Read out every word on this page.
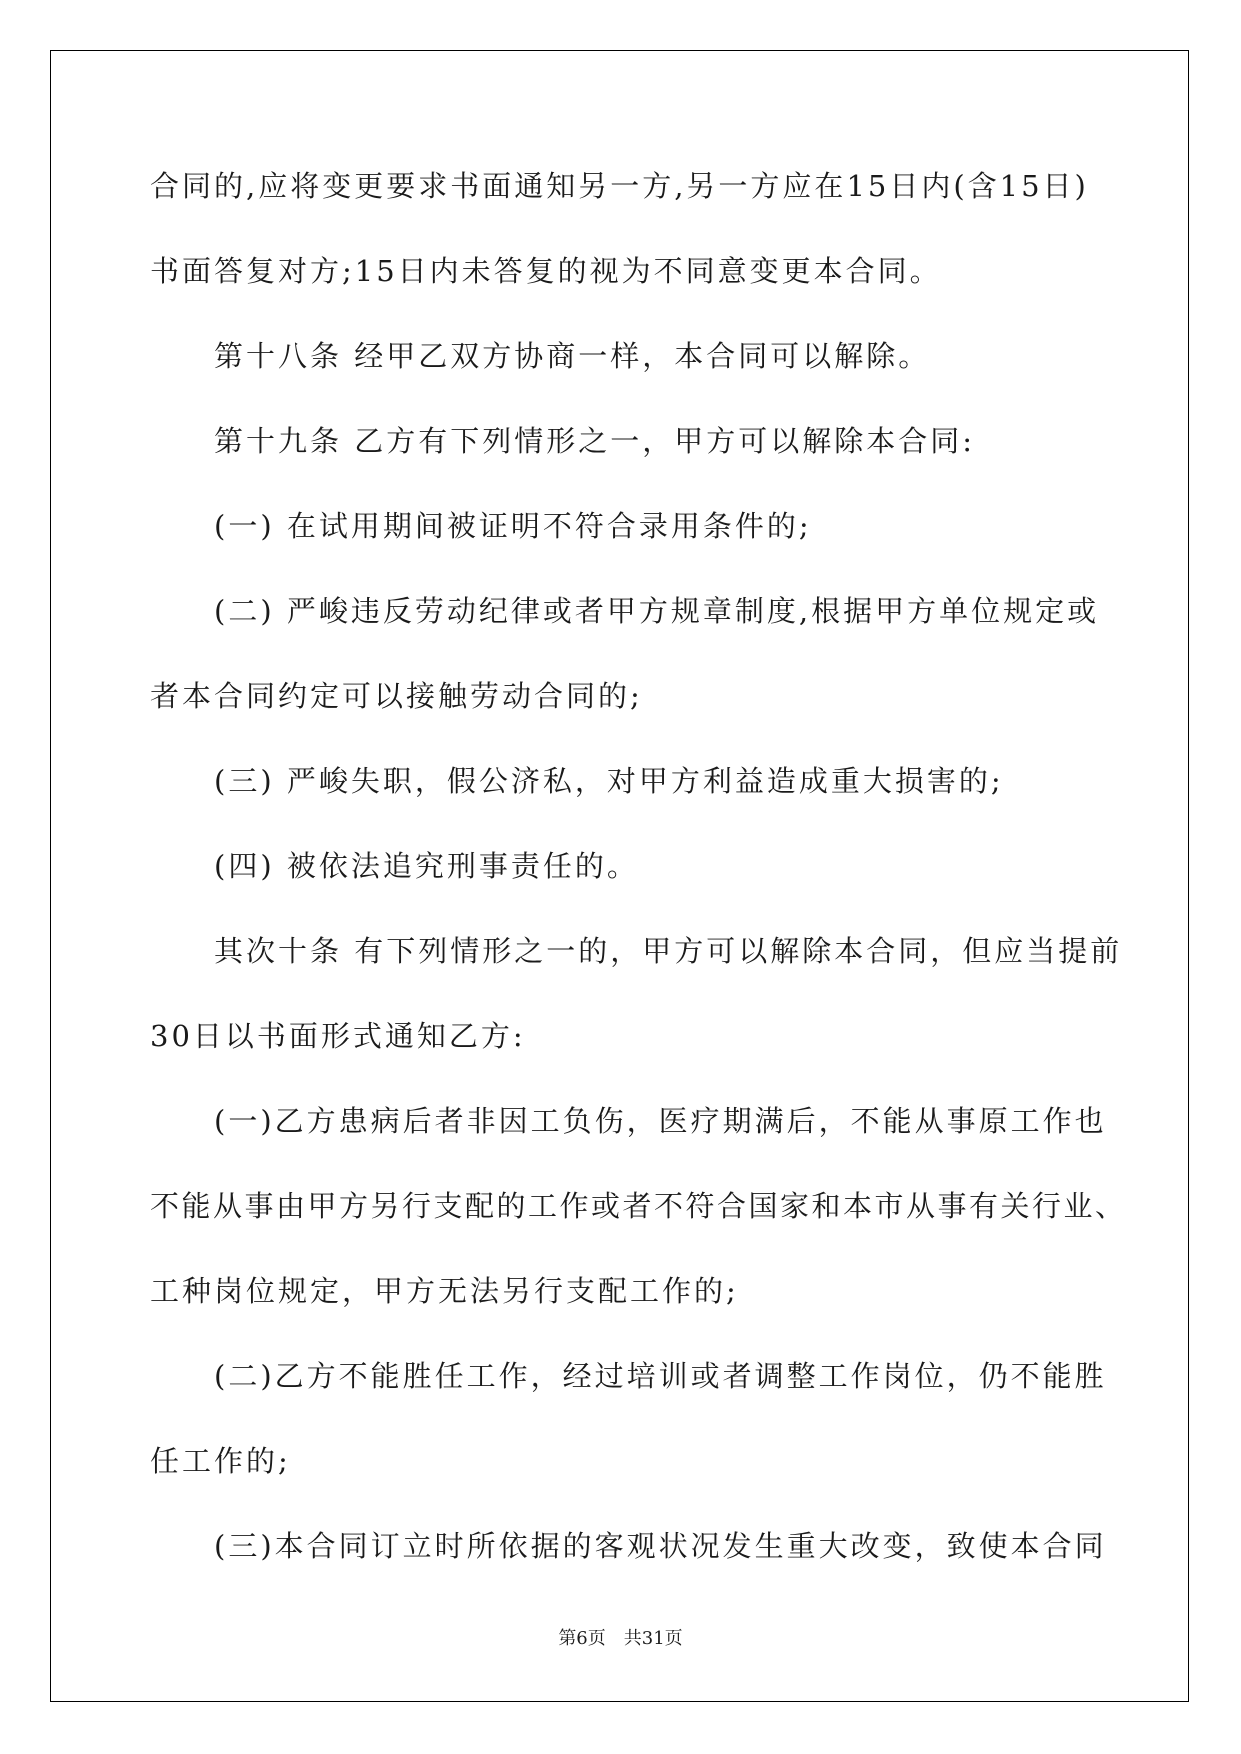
合同的,应将变更要求书面通知另一方,另一方应在15日内(含15日)
书面答复对方;15日内未答复的视为不同意变更本合同。
　　第十八条 经甲乙双方协商一样，本合同可以解除。
　　第十九条 乙方有下列情形之一，甲方可以解除本合同:
　　(一) 在试用期间被证明不符合录用条件的;
　　(二) 严峻违反劳动纪律或者甲方规章制度,根据甲方单位规定或
者本合同约定可以接触劳动合同的;
　　(三) 严峻失职，假公济私，对甲方利益造成重大损害的;
　　(四) 被依法追究刑事责任的。
　　其次十条 有下列情形之一的，甲方可以解除本合同，但应当提前
30日以书面形式通知乙方:
　　(一)乙方患病后者非因工负伤，医疗期满后，不能从事原工作也
不能从事由甲方另行支配的工作或者不符合国家和本市从事有关行业、
工种岗位规定，甲方无法另行支配工作的;
　　(二)乙方不能胜任工作，经过培训或者调整工作岗位，仍不能胜
任工作的;
　　(三)本合同订立时所依据的客观状况发生重大改变，致使本合同
第6页 共31页
